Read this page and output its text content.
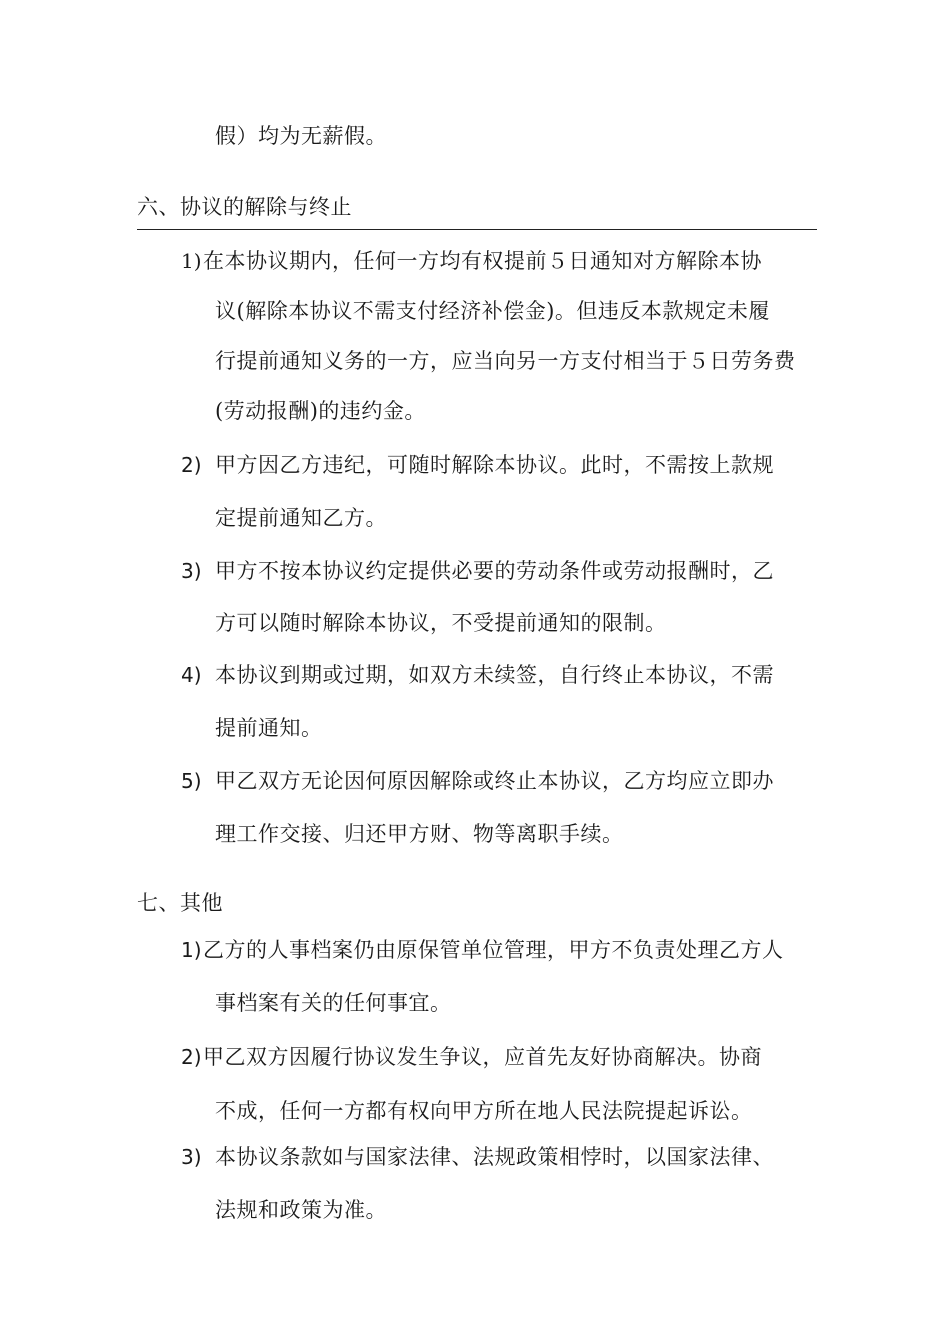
假）均为无薪假。
六、协议的解除与终止
1) 在本协议期内，任何一方均有权提前５日通知对方解除本协
议(解除本协议不需支付经济补偿金)。但违反本款规定未履
行提前通知义务的一方，应当向另一方支付相当于５日劳务费
(劳动报酬)的违约金。
2) 甲方因乙方违纪，可随时解除本协议。此时，不需按上款规
定提前通知乙方。
3) 甲方不按本协议约定提供必要的劳动条件或劳动报酬时，乙
方可以随时解除本协议，不受提前通知的限制。
4) 本协议到期或过期，如双方未续签，自行终止本协议，不需
提前通知。
5) 甲乙双方无论因何原因解除或终止本协议，乙方均应立即办
理工作交接、归还甲方财、物等离职手续。
七、其他
1) 乙方的人事档案仍由原保管单位管理，甲方不负责处理乙方人
事档案有关的任何事宜。
2) 甲乙双方因履行协议发生争议，应首先友好协商解决。协商
不成，任何一方都有权向甲方所在地人民法院提起诉讼。
3) 本协议条款如与国家法律、法规政策相悖时，以国家法律、
法规和政策为准。
